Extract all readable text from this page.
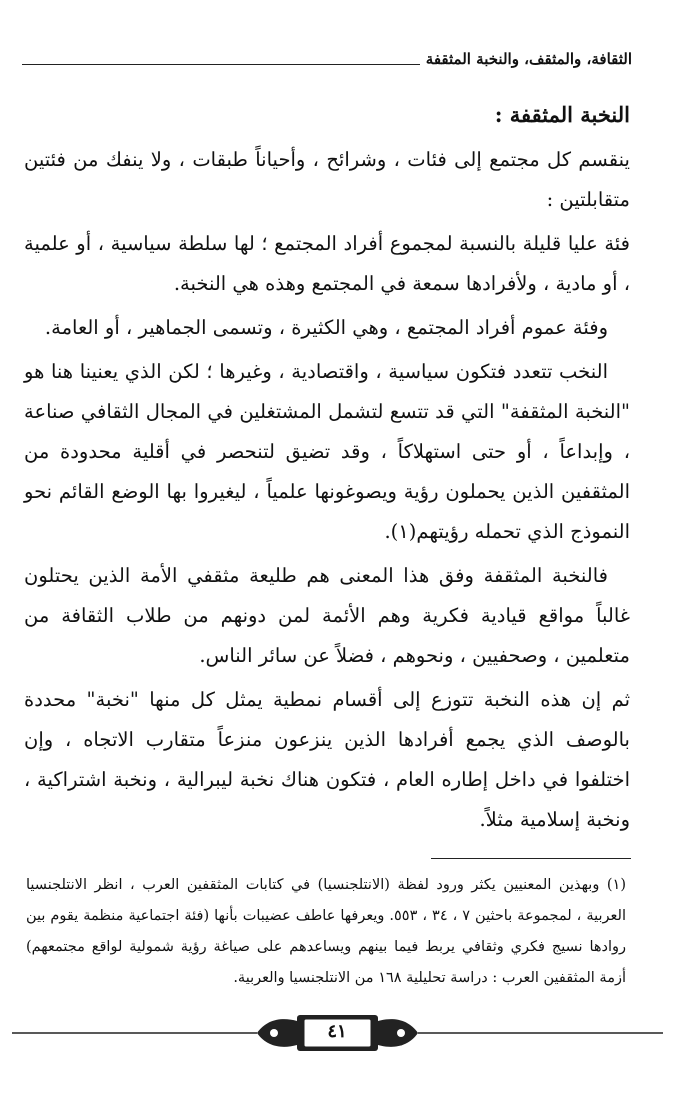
الثقافة، والمثقف، والنخبة المثقفة
النخبة المثقفة :

ينقسم كل مجتمع إلى فئات ، وشرائح ، وأحياناً طبقات ، ولا ينفك من فئتين متقابلتين :

فئة عليا قليلة بالنسبة لمجموع أفراد المجتمع ؛ لها سلطة سياسية ، أو علمية ، أو مادية ، ولأفرادها سمعة في المجتمع وهذه هي النخبة.

وفئة عموم أفراد المجتمع ، وهي الكثيرة ، وتسمى الجماهير ، أو العامة.

النخب تتعدد فتكون سياسية ، واقتصادية ، وغيرها ؛ لكن الذي يعنينا هنا هو "النخبة المثقفة" التي قد تتسع لتشمل المشتغلين في المجال الثقافي صناعة ، وإبداعاً ، أو حتى استهلاكاً ، وقد تضيق لتنحصر في أقلية محدودة من المثقفين الذين يحملون رؤية ويصوغونها علمياً ، ليغيروا بها الوضع القائم نحو النموذج الذي تحمله رؤيتهم(١).

فالنخبة المثقفة وفق هذا المعنى هم طليعة مثقفي الأمة الذين يحتلون غالباً مواقع قيادية فكرية وهم الأئمة لمن دونهم من طلاب الثقافة من متعلمين ، وصحفيين ، ونحوهم ، فضلاً عن سائر الناس.

ثم إن هذه النخبة تتوزع إلى أقسام نمطية يمثل كل منها "نخبة" محددة بالوصف الذي يجمع أفرادها الذين ينزعون منزعاً متقارب الاتجاه ، وإن اختلفوا في داخل إطاره العام ، فتكون هناك نخبة ليبرالية ، ونخبة اشتراكية ، ونخبة إسلامية مثلاً.

(١) وبهذين المعنيين يكثر ورود لفظة (الانتلجنسيا) في كتابات المثقفين العرب ، انظر الانتلجنسيا العربية ، لمجموعة باحثين ٧ ، ٣٤ ، ٥٥٣. ويعرفها عاطف عضيبات بأنها (فئة اجتماعية منظمة يقوم بين روادها نسيج فكري وثقافي يربط فيما بينهم ويساعدهم على صياغة رؤية شمولية لواقع مجتمعهم) أزمة المثقفين العرب : دراسة تحليلية ١٦٨ من الانتلجنسيا والعربية.

٤١
